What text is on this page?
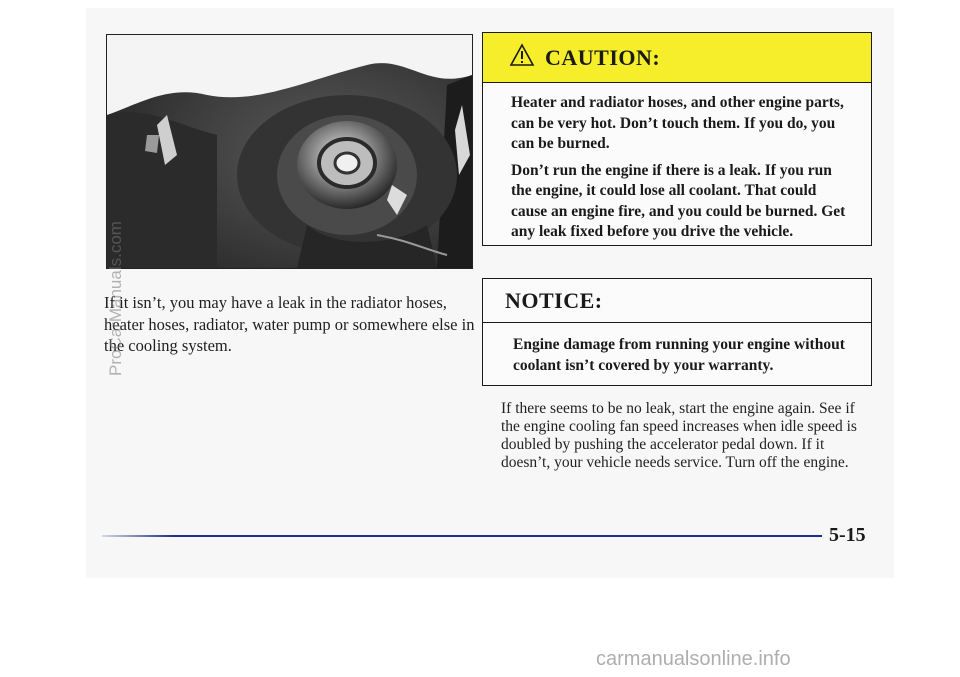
If it isn’t, you may have a leak in the radiator hoses, heater hoses, radiator, water pump or somewhere else in the cooling system.
CAUTION:

Heater and radiator hoses, and other engine parts, can be very hot. Don’t touch them. If you do, you can be burned.

Don’t run the engine if there is a leak. If you run the engine, it could lose all coolant. That could cause an engine fire, and you could be burned. Get any leak fixed before you drive the vehicle.

NOTICE:
Engine damage from running your engine without coolant isn’t covered by your warranty.
If there seems to be no leak, start the engine again. See if the engine cooling fan speed increases when idle speed is doubled by pushing the accelerator pedal down. If it doesn’t, your vehicle needs service. Turn off the engine.
5-15
ProCarManuals.com
carmanualsonline.info
